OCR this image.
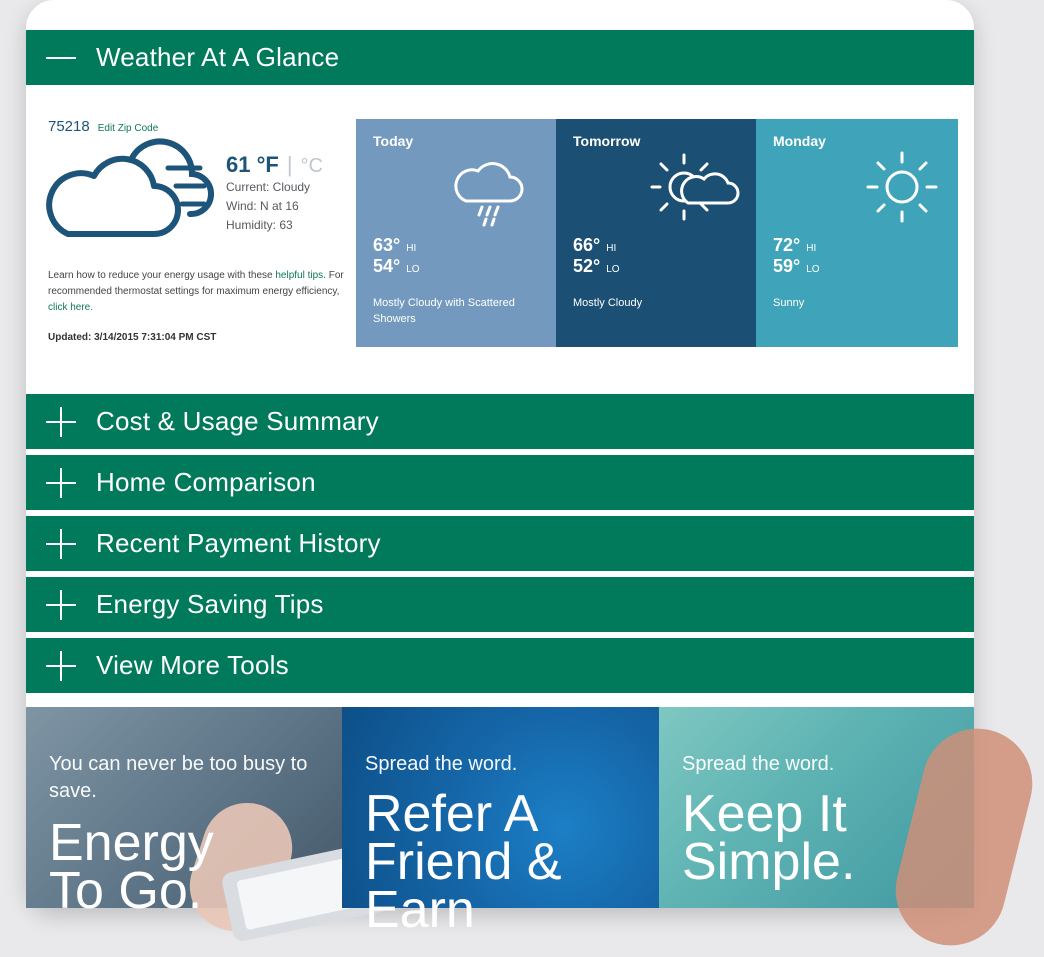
Weather At A Glance
75218 Edit Zip Code
61 °F | °C
Current: Cloudy
Wind: N at 16
Humidity: 63
Learn how to reduce your energy usage with these helpful tips. For recommended thermostat settings for maximum energy efficiency, click here.
Updated: 3/14/2015 7:31:04 PM CST
Today
63° HI
54° LO
Mostly Cloudy with Scattered Showers
Tomorrow
66° HI
52° LO
Mostly Cloudy
Monday
72° HI
59° LO
Sunny
Cost & Usage Summary
Home Comparison
Recent Payment History
Energy Saving Tips
View More Tools
You can never be too busy to save.
Energy To Go.
Spread the word.
Refer A Friend & Earn
Spread the word.
Keep It Simple.
